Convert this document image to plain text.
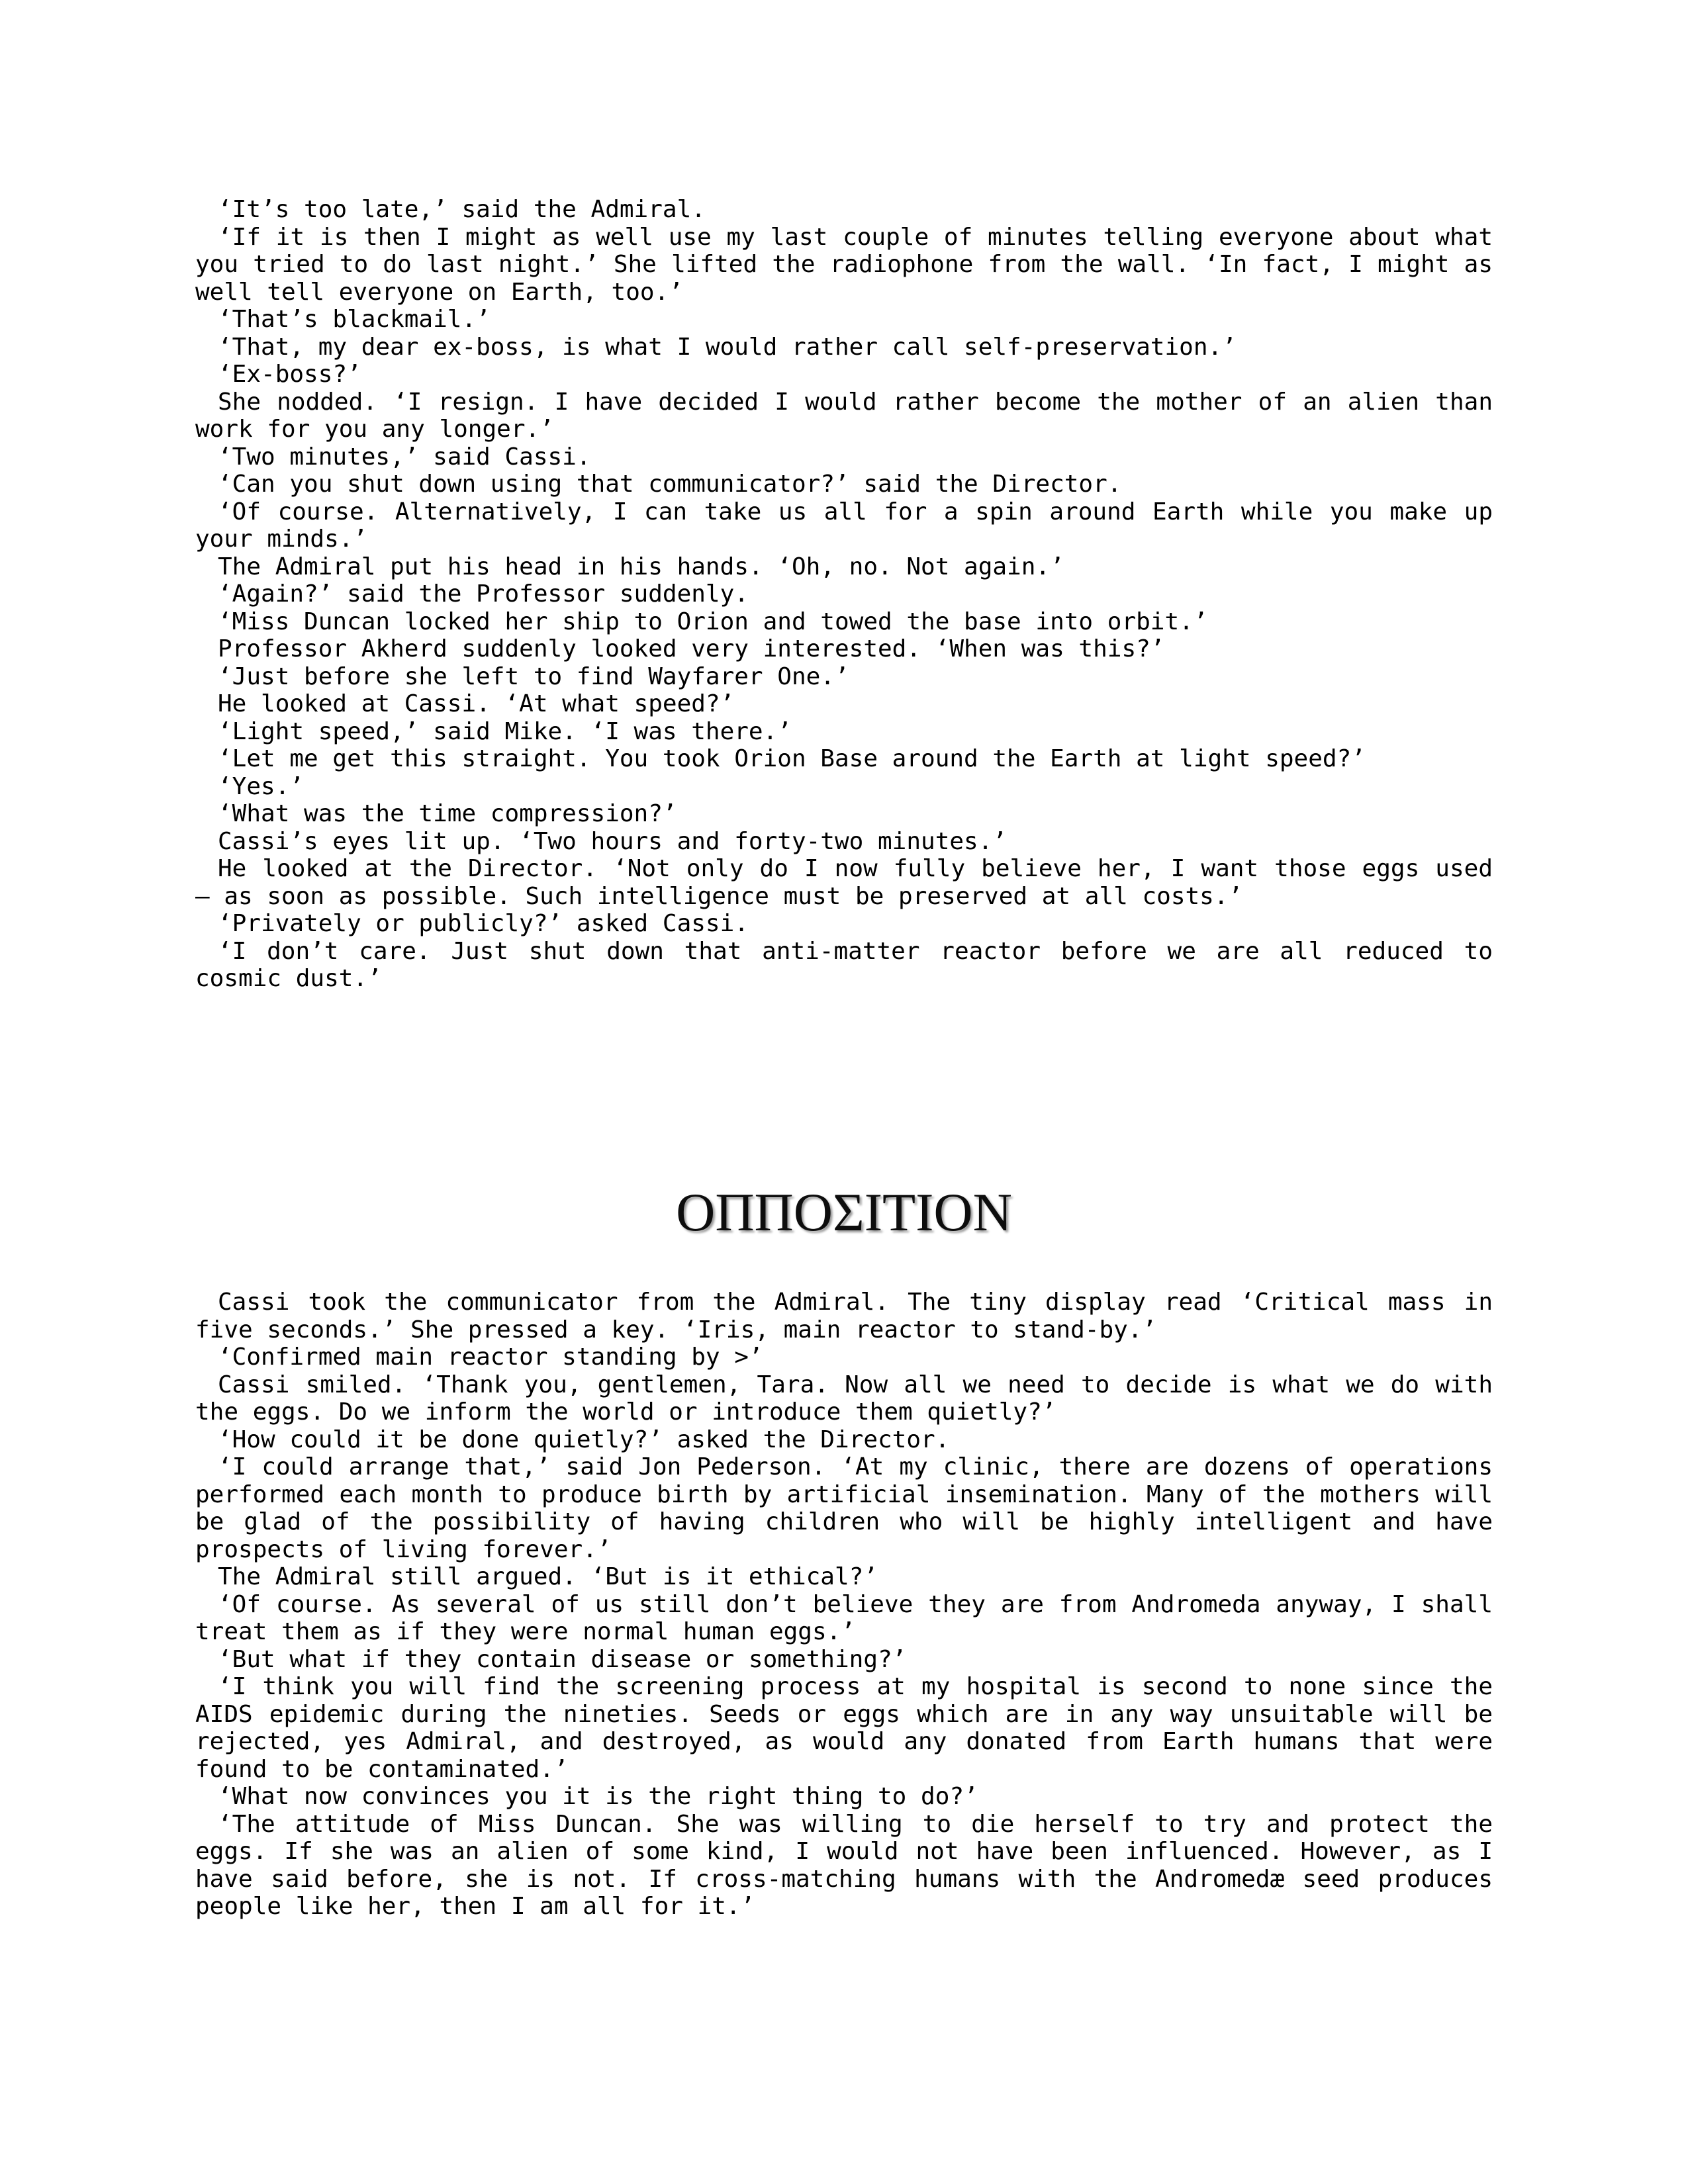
‘It’s too late,’ said the Admiral.

‘If it is then I might as well use my last couple of minutes telling everyone about what you tried to do last night.’ She lifted the radiophone from the wall. ‘In fact, I might as well tell everyone on Earth, too.’

‘That’s blackmail.’

‘That, my dear ex-boss, is what I would rather call self-preservation.’

‘Ex-boss?’

She nodded. ‘I resign. I have decided I would rather become the mother of an alien than work for you any longer.’

‘Two minutes,’ said Cassi.

‘Can you shut down using that communicator?’ said the Director.

‘Of course. Alternatively, I can take us all for a spin around Earth while you make up your minds.’

The Admiral put his head in his hands. ‘Oh, no. Not again.’

‘Again?’ said the Professor suddenly.

‘Miss Duncan locked her ship to Orion and towed the base into orbit.’

Professor Akherd suddenly looked very interested. ‘When was this?’

‘Just before she left to find Wayfarer One.’

He looked at Cassi. ‘At what speed?’

‘Light speed,’ said Mike. ‘I was there.’

‘Let me get this straight. You took Orion Base around the Earth at light speed?’

‘Yes.’

‘What was the time compression?’

Cassi’s eyes lit up. ‘Two hours and forty-two minutes.’

He looked at the Director. ‘Not only do I now fully believe her, I want those eggs used – as soon as possible. Such intelligence must be preserved at all costs.’

‘Privately or publicly?’ asked Cassi.

‘I don’t care. Just shut down that anti-matter reactor before we are all reduced to cosmic dust.’

ΟΠΠΟΣΙΤΙΟΝ

Cassi took the communicator from the Admiral. The tiny display read ‘Critical mass in five seconds.’ She pressed a key. ‘Iris, main reactor to stand-by.’

‘Confirmed main reactor standing by >’

Cassi smiled. ‘Thank you, gentlemen, Tara. Now all we need to decide is what we do with the eggs. Do we inform the world or introduce them quietly?’

‘How could it be done quietly?’ asked the Director.

‘I could arrange that,’ said Jon Pederson. ‘At my clinic, there are dozens of operations performed each month to produce birth by artificial insemination. Many of the mothers will be glad of the possibility of having children who will be highly intelligent and have prospects of living forever.’

The Admiral still argued. ‘But is it ethical?’

‘Of course. As several of us still don’t believe they are from Andromeda anyway, I shall treat them as if they were normal human eggs.’

‘But what if they contain disease or something?’

‘I think you will find the screening process at my hospital is second to none since the AIDS epidemic during the nineties. Seeds or eggs which are in any way unsuitable will be rejected, yes Admiral, and destroyed, as would any donated from Earth humans that were found to be contaminated.’

‘What now convinces you it is the right thing to do?’

‘The attitude of Miss Duncan. She was willing to die herself to try and protect the eggs. If she was an alien of some kind, I would not have been influenced. However, as I have said before, she is not. If cross-matching humans with the Andromedæ seed produces people like her, then I am all for it.’
